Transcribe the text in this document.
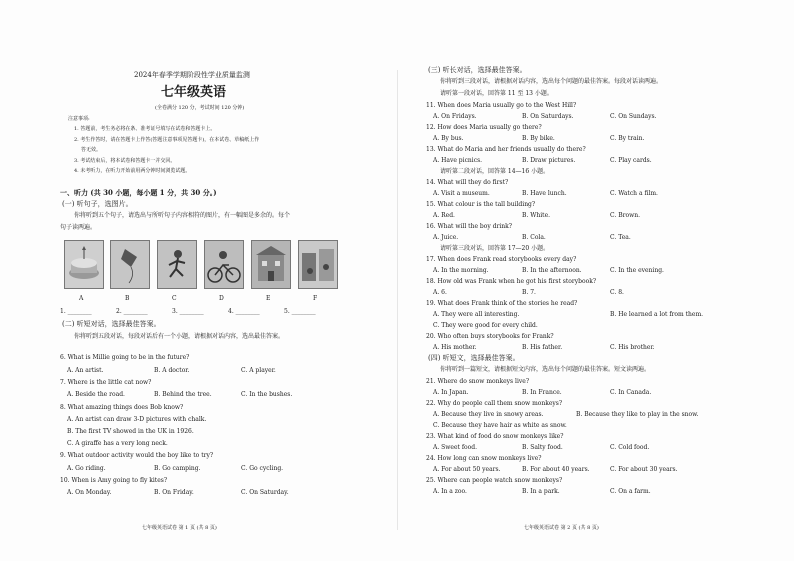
2024年春季学期阶段性学业质量监测
七年级英语
(全卷满分 120 分，考试时间 120 分钟)
注意事项:
1. 答题前，考生务必将在条、准考证号填写在试卷和答题卡上。
2. 考生作答时，请在答题卡上作答(答题注意事项见答题卡)，在本试卷、草稿纸上作
答无效。
3. 考试结束后，将本试卷和答题卡一并交回。
4. 未考听力，在听力开始前用两分钟时间浏览试题。
一、听力 (共 30 小题，每小题 1 分，共 30 分。)
(一) 听句子，选图片。
你将听到五个句子，请选出与所听句子内容相符的图片，有一幅图是多余的。每个
句子读两遍。
A	B	C	D	E	F
1. ________	2. ________	3. ________	4. ________	5. ________
(二) 听短对话，选择最佳答案。
你将听到五段对话，每段对话后有一个小题，请根据对话内容，选出最佳答案。
6. What is Millie going to be in the future?
A. An artist.	B. A doctor.	C. A player.
7. Where is the little cat now?
A. Beside the road.	B. Behind the tree.	C. In the bushes.
8. What amazing things does Bob know?
A. An artist can draw 3-D pictures with chalk.
B. The first TV showed in the UK in 1926.
C. A giraffe has a very long neck.
9. What outdoor activity would the boy like to try?
A. Go riding.	B. Go camping.	C. Go cycling.
10. When is Amy going to fly kites?
A. On Monday.	B. On Friday.	C. On Saturday.
七年级英语试卷 第 1 页 (共 8 页)
(三) 听长对话，选择最佳答案。
你将听到三段对话，请根据对话内容，选出每个问题的最佳答案。每段对话读两遍。
请听第一段对话，回答第 11 至 13 小题。
11. When does Maria usually go to the West Hill?
A. On Fridays.	B. On Saturdays.	C. On Sundays.
12. How does Maria usually go there?
A. By bus.	B. By bike.	C. By train.
13. What do Maria and her friends usually do there?
A. Have picnics.	B. Draw pictures.	C. Play cards.
请听第二段对话，回答第 14—16 小题。
14. What will they do first?
A. Visit a museum.	B. Have lunch.	C. Watch a film.
15. What colour is the tall building?
A. Red.	B. White.	C. Brown.
16. What will the boy drink?
A. Juice.	B. Cola.	C. Tea.
请听第三段对话，回答第 17—20 小题。
17. When does Frank read storybooks every day?
A. In the morning.	B. In the afternoon.	C. In the evening.
18. How old was Frank when he got his first storybook?
A. 6.	B. 7.	C. 8.
19. What does Frank think of the stories he read?
A. They were all interesting.	B. He learned a lot from them.
C. They were good for every child.
20. Who often buys storybooks for Frank?
A. His mother.	B. His father.	C. His brother.
(四) 听短文，选择最佳答案。
你将听到一篇短文，请根据短文内容，选出每个问题的最佳答案。短文读两遍。
21. Where do snow monkeys live?
A. In Japan.	B. In France.	C. In Canada.
22. Why do people call them snow monkeys?
A. Because they live in snowy areas.	B. Because they like to play in the snow.
C. Because they have hair as white as snow.
23. What kind of food do snow monkeys like?
A. Sweet food.	B. Salty food.	C. Cold food.
24. How long can snow monkeys live?
A. For about 50 years.	B. For about 40 years.	C. For about 30 years.
25. Where can people watch snow monkeys?
A. In a zoo.	B. In a park.	C. On a farm.
七年级英语试卷 第 2 页 (共 8 页)
